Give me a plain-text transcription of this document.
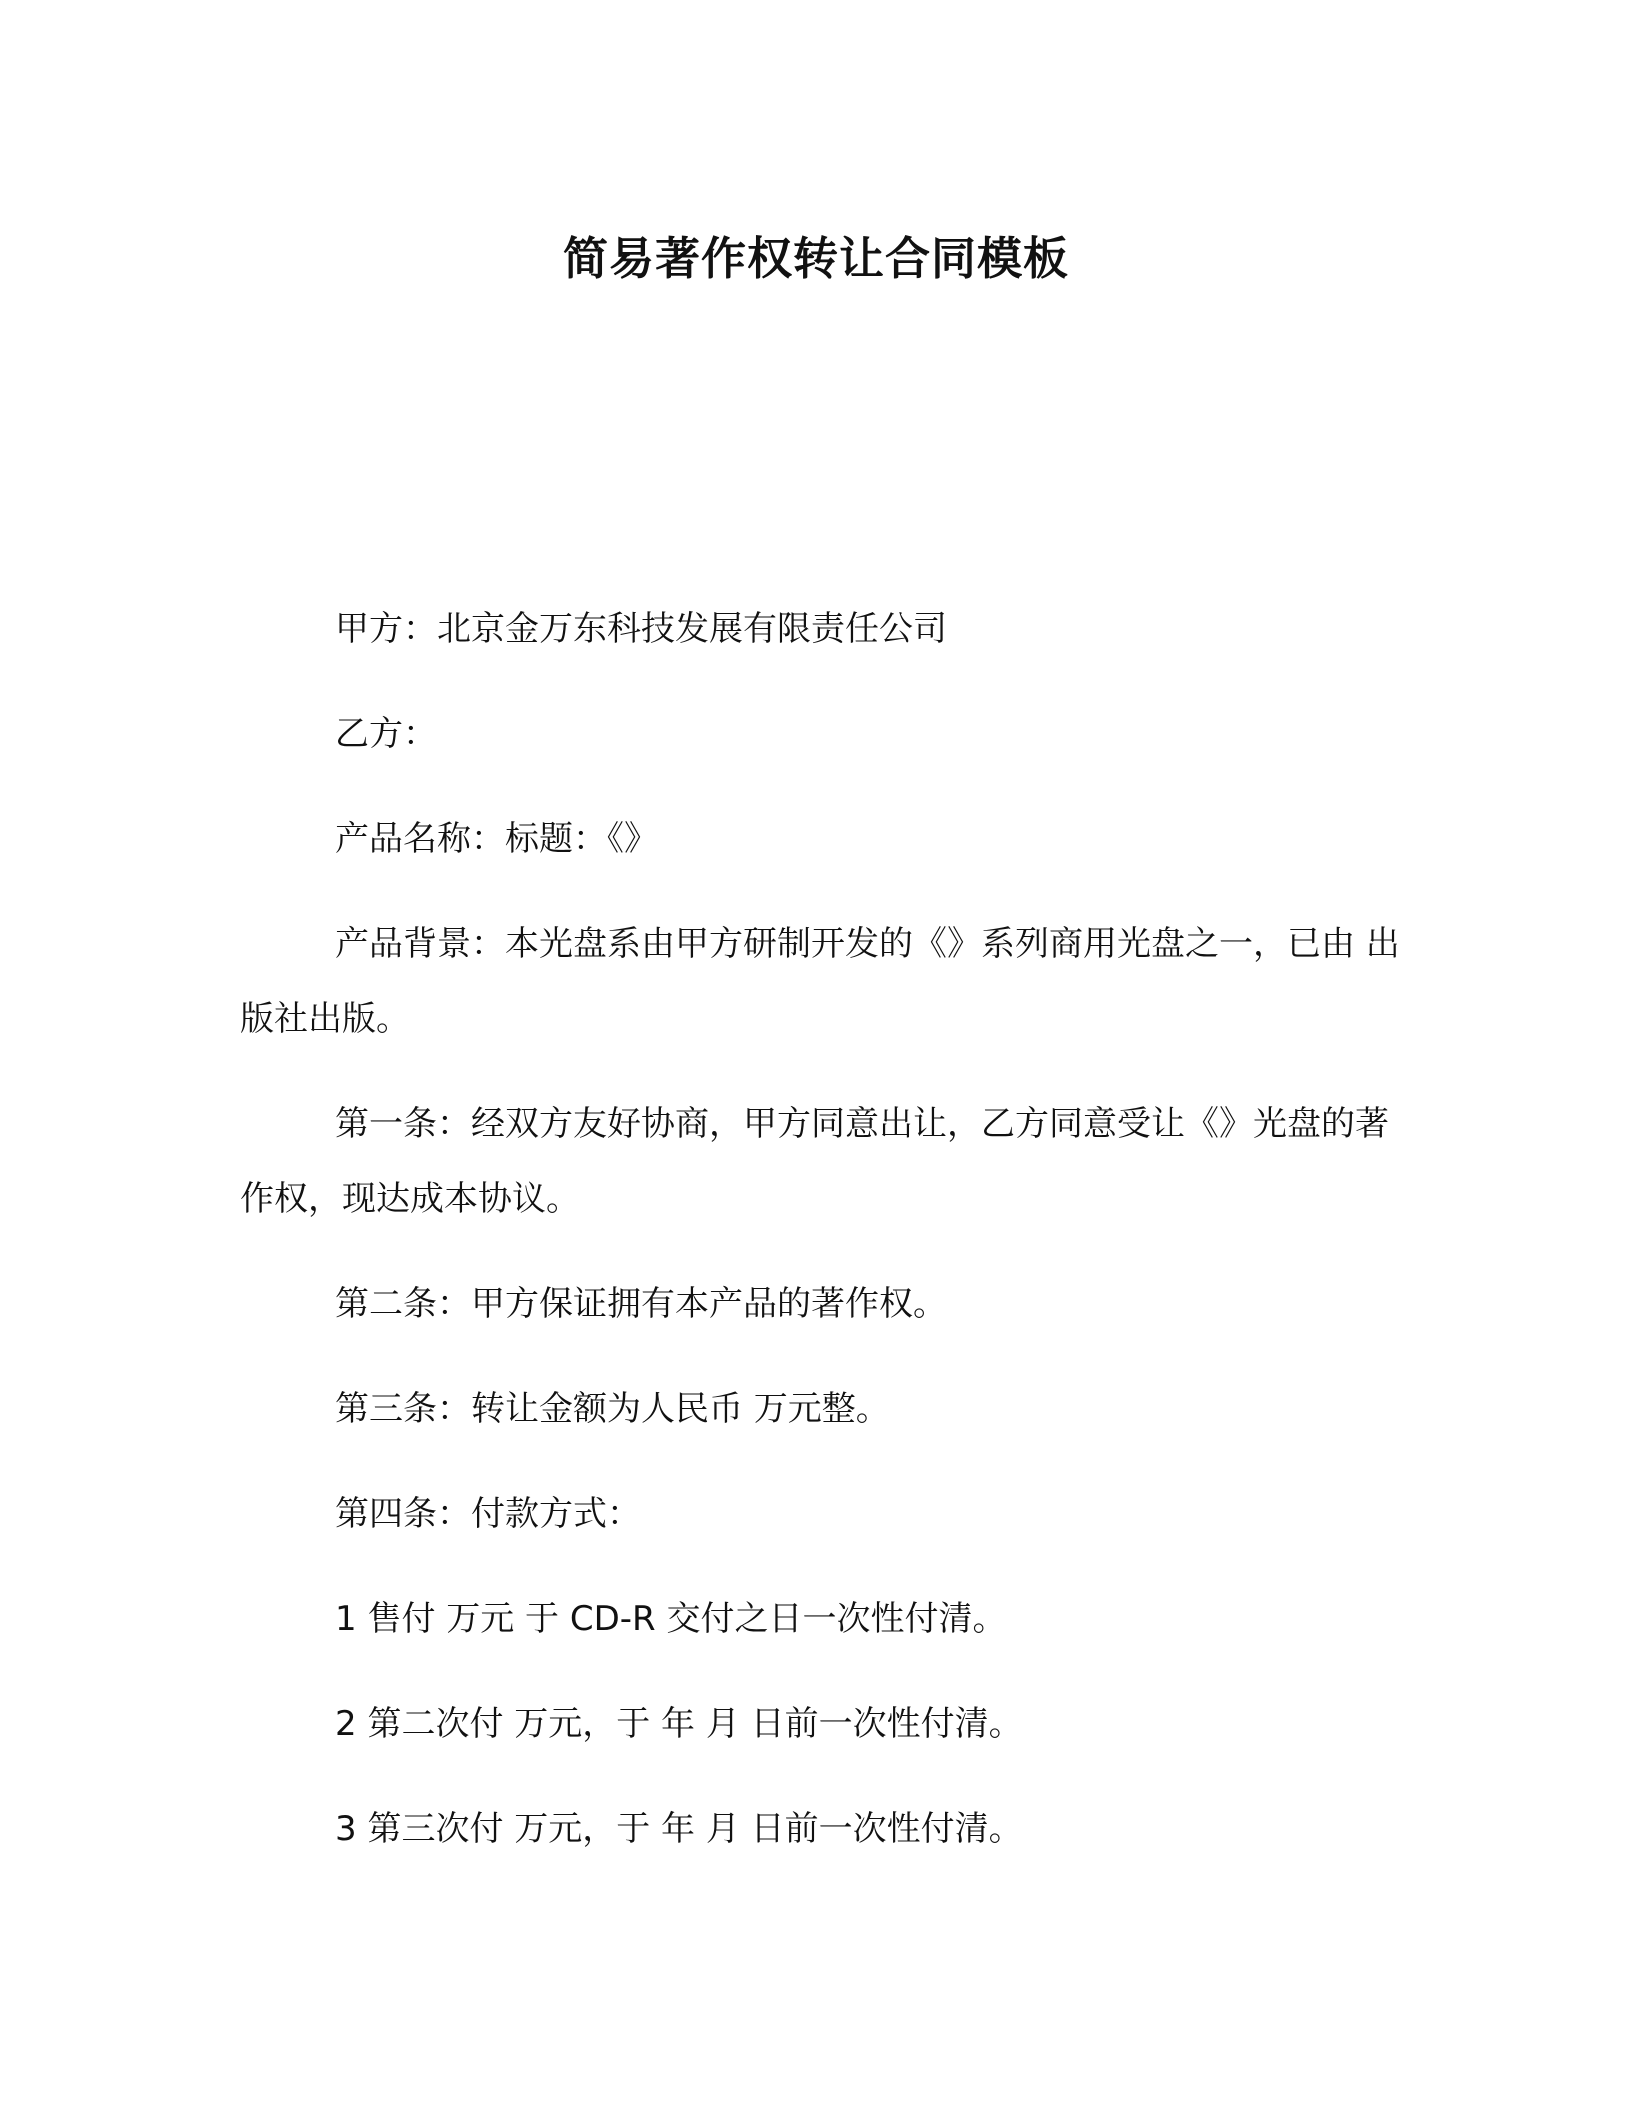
简易著作权转让合同模板

甲方：北京金万东科技发展有限责任公司

乙方：

产品名称：标题：《》

产品背景：本光盘系由甲方研制开发的《》系列商用光盘之一，已由 出版社出版。

第一条：经双方友好协商，甲方同意出让，乙方同意受让《》光盘的著作权，现达成本协议。

第二条：甲方保证拥有本产品的著作权。

第三条：转让金额为人民币 万元整。

第四条：付款方式：

1 售付 万元 于 CD-R 交付之日一次性付清。

2 第二次付 万元，于 年 月 日前一次性付清。

3 第三次付 万元，于 年 月 日前一次性付清。
